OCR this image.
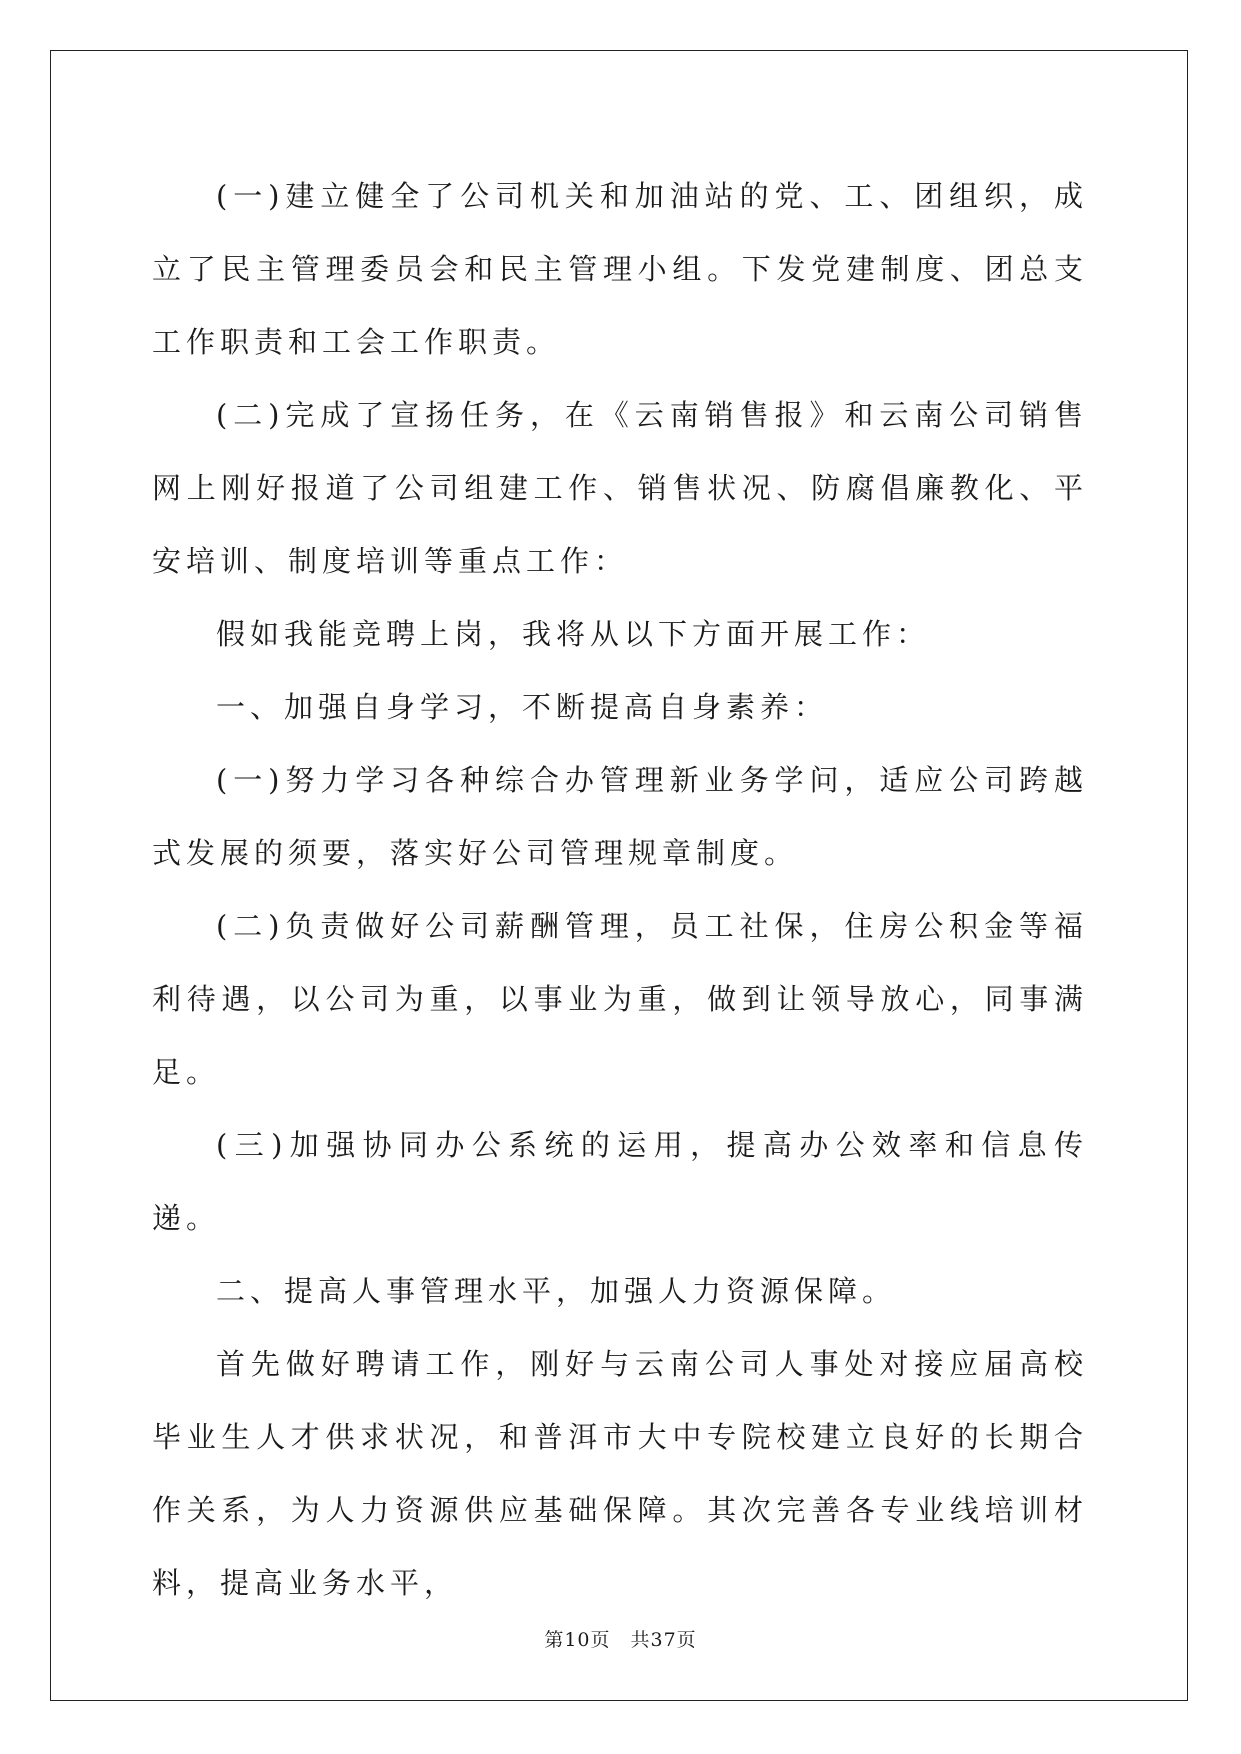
(一)建立健全了公司机关和加油站的党、工、团组织，成立了民主管理委员会和民主管理小组。下发党建制度、团总支工作职责和工会工作职责。

(二)完成了宣扬任务，在《云南销售报》和云南公司销售网上刚好报道了公司组建工作、销售状况、防腐倡廉教化、平安培训、制度培训等重点工作：

假如我能竞聘上岗，我将从以下方面开展工作：

一、加强自身学习，不断提高自身素养：

(一)努力学习各种综合办管理新业务学问，适应公司跨越式发展的须要，落实好公司管理规章制度。

(二)负责做好公司薪酬管理，员工社保，住房公积金等福利待遇，以公司为重，以事业为重，做到让领导放心，同事满足。

(三)加强协同办公系统的运用，提高办公效率和信息传递。

二、提高人事管理水平，加强人力资源保障。

首先做好聘请工作，刚好与云南公司人事处对接应届高校毕业生人才供求状况，和普洱市大中专院校建立良好的长期合作关系，为人力资源供应基础保障。其次完善各专业线培训材料，提高业务水平，

第10页　共37页
